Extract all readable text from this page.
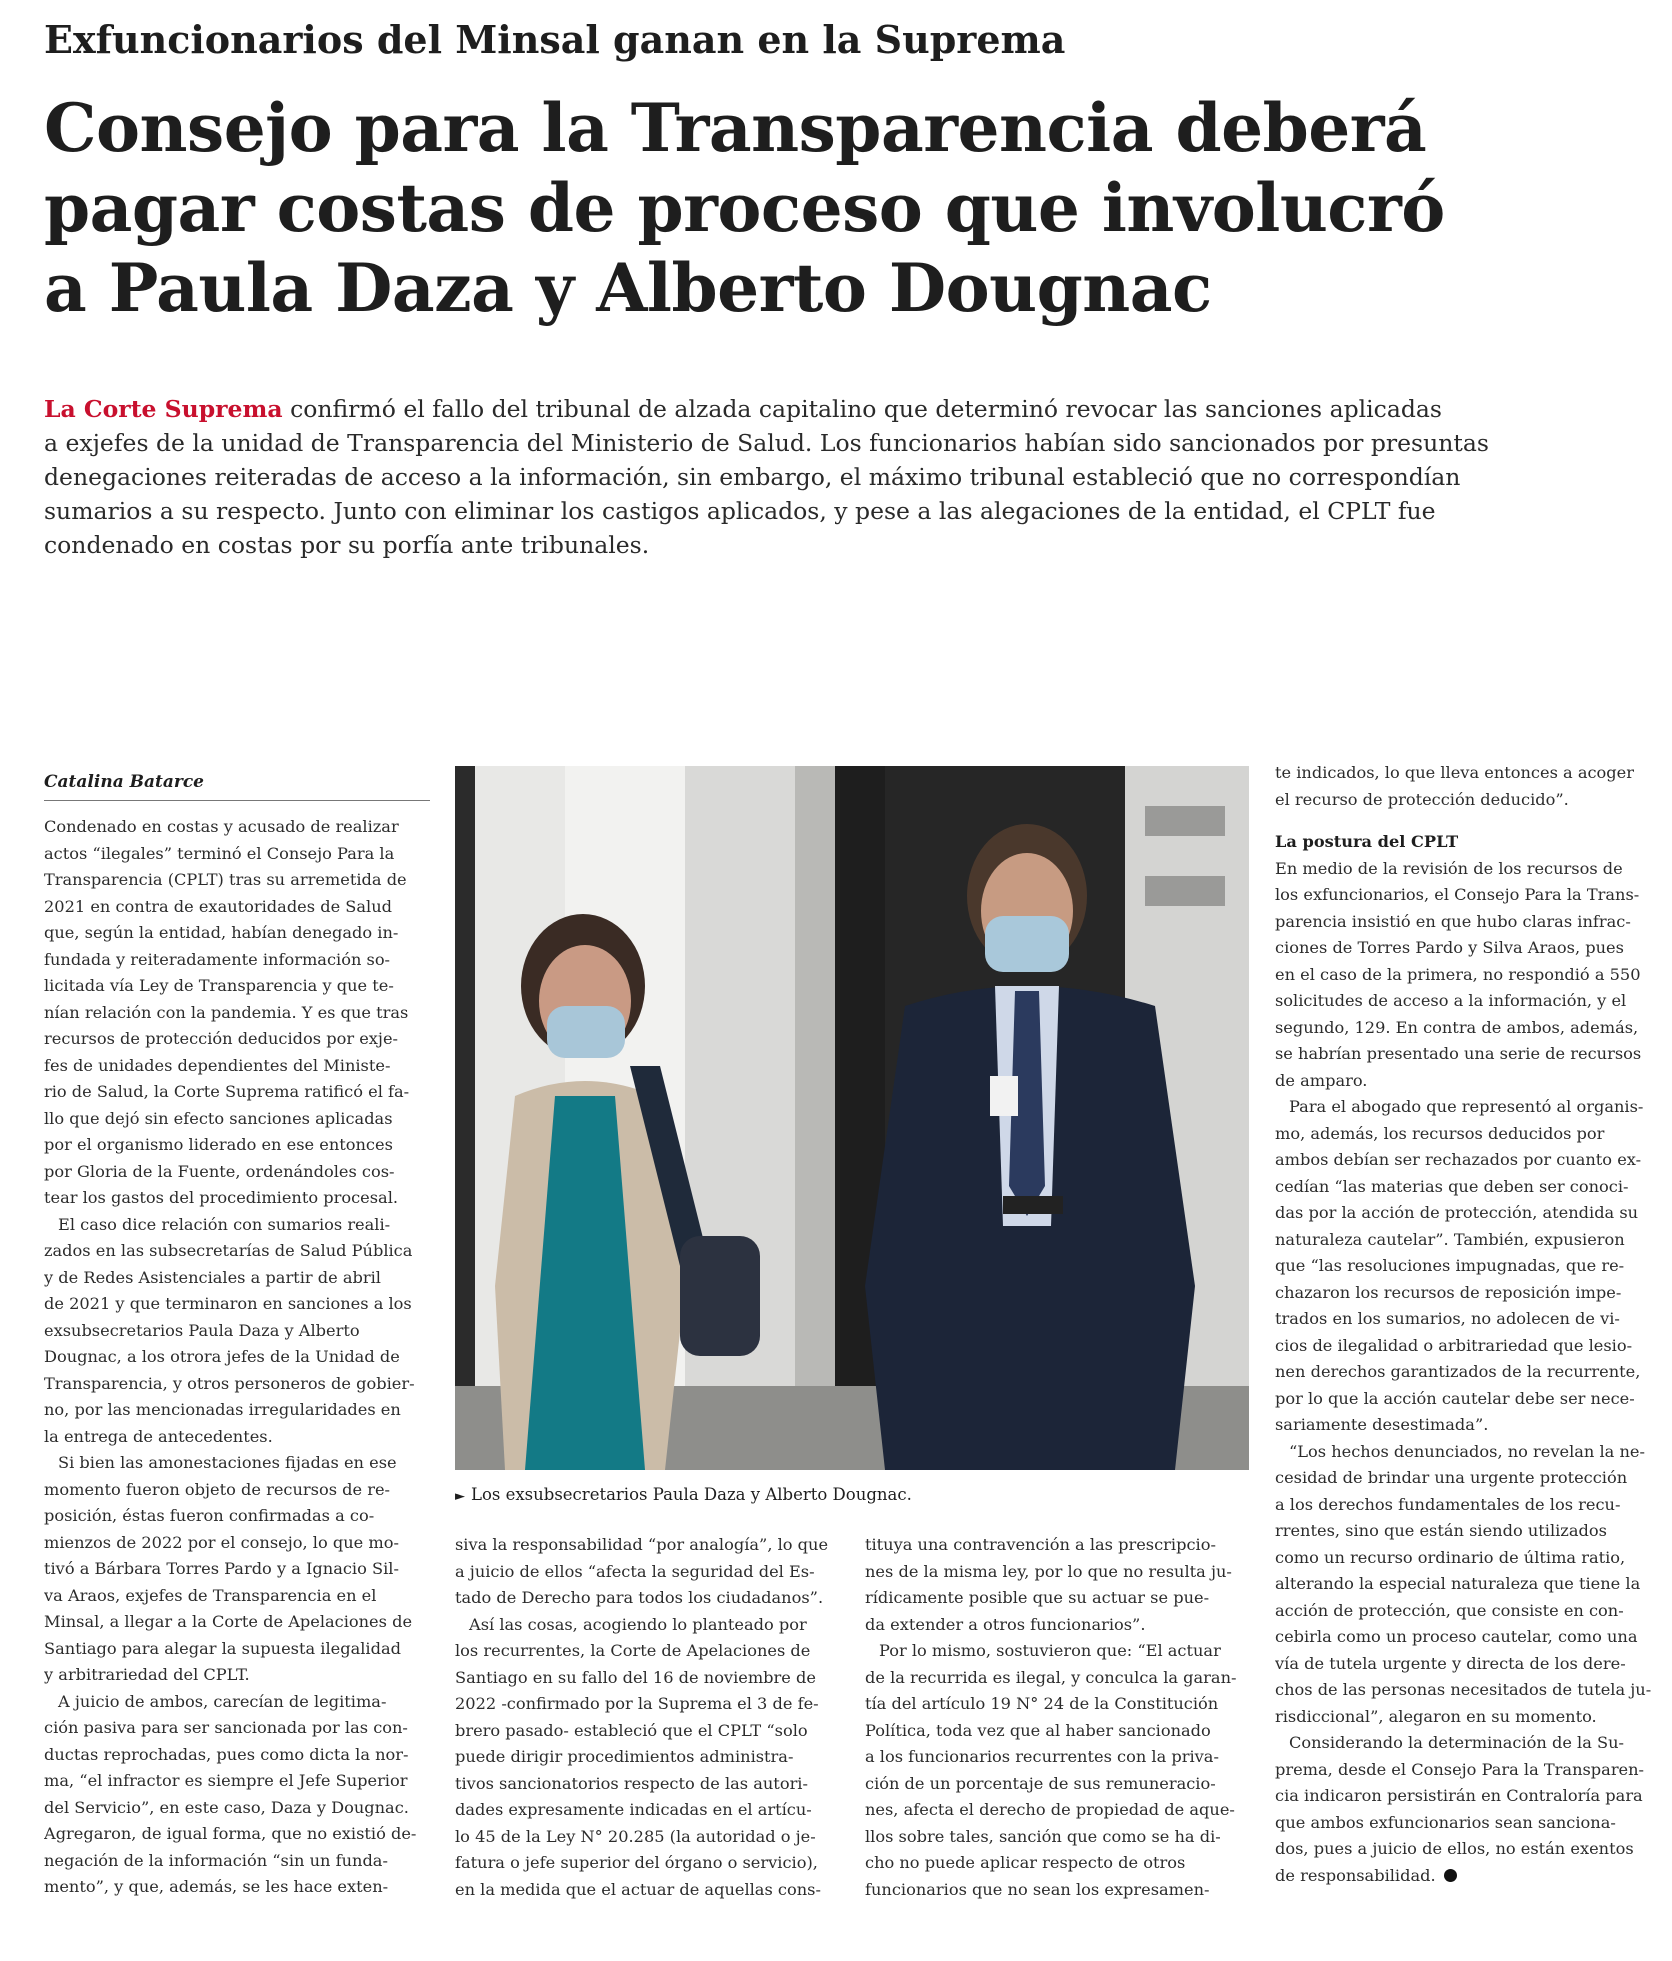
Exfuncionarios del Minsal ganan en la Suprema
Consejo para la Transparencia deberá
pagar costas de proceso que involucró
a Paula Daza y Alberto Dougnac
La Corte Suprema confirmó el fallo del tribunal de alzada capitalino que determinó revocar las sanciones aplicadas
a exjefes de la unidad de Transparencia del Ministerio de Salud. Los funcionarios habían sido sancionados por presuntas
denegaciones reiteradas de acceso a la información, sin embargo, el máximo tribunal estableció que no correspondían
sumarios a su respecto. Junto con eliminar los castigos aplicados, y pese a las alegaciones de la entidad, el CPLT fue
condenado en costas por su porfía ante tribunales.
Catalina Batarce

Condenado en costas y acusado de realizar
actos “ilegales” terminó el Consejo Para la
Transparencia (CPLT) tras su arremetida de
2021 en contra de exautoridades de Salud
que, según la entidad, habían denegado in-
fundada y reiteradamente información so-
licitada vía Ley de Transparencia y que te-
nían relación con la pandemia. Y es que tras
recursos de protección deducidos por exje-
fes de unidades dependientes del Ministe-
rio de Salud, la Corte Suprema ratificó el fa-
llo que dejó sin efecto sanciones aplicadas
por el organismo liderado en ese entonces
por Gloria de la Fuente, ordenándoles cos-
tear los gastos del procedimiento procesal.

El caso dice relación con sumarios reali-
zados en las subsecretarías de Salud Pública
y de Redes Asistenciales a partir de abril
de 2021 y que terminaron en sanciones a los
exsubsecretarios Paula Daza y Alberto
Dougnac, a los otrora jefes de la Unidad de
Transparencia, y otros personeros de gobier-
no, por las mencionadas irregularidades en
la entrega de antecedentes.

Si bien las amonestaciones fijadas en ese
momento fueron objeto de recursos de re-
posición, éstas fueron confirmadas a co-
mienzos de 2022 por el consejo, lo que mo-
tivó a Bárbara Torres Pardo y a Ignacio Sil-
va Araos, exjefes de Transparencia en el
Minsal, a llegar a la Corte de Apelaciones de
Santiago para alegar la supuesta ilegalidad
y arbitrariedad del CPLT.

A juicio de ambos, carecían de legitima-
ción pasiva para ser sancionada por las con-
ductas reprochadas, pues como dicta la nor-
ma, “el infractor es siempre el Jefe Superior
del Servicio”, en este caso, Daza y Dougnac.
Agregaron, de igual forma, que no existió de-
negación de la información “sin un funda-
mento”, y que, además, se les hace exten-

► Los exsubsecretarios Paula Daza y Alberto Dougnac.

siva la responsabilidad “por analogía”, lo que
a juicio de ellos “afecta la seguridad del Es-
tado de Derecho para todos los ciudadanos”.

Así las cosas, acogiendo lo planteado por
los recurrentes, la Corte de Apelaciones de
Santiago en su fallo del 16 de noviembre de
2022 -confirmado por la Suprema el 3 de fe-
brero pasado- estableció que el CPLT “solo
puede dirigir procedimientos administra-
tivos sancionatorios respecto de las autori-
dades expresamente indicadas en el artícu-
lo 45 de la Ley N° 20.285 (la autoridad o je-
fatura o jefe superior del órgano o servicio),
en la medida que el actuar de aquellas cons-

tituya una contravención a las prescripcio-
nes de la misma ley, por lo que no resulta ju-
rídicamente posible que su actuar se pue-
da extender a otros funcionarios”.

Por lo mismo, sostuvieron que: “El actuar
de la recurrida es ilegal, y conculca la garan-
tía del artículo 19 N° 24 de la Constitución
Política, toda vez que al haber sancionado
a los funcionarios recurrentes con la priva-
ción de un porcentaje de sus remuneracio-
nes, afecta el derecho de propiedad de aque-
llos sobre tales, sanción que como se ha di-
cho no puede aplicar respecto de otros
funcionarios que no sean los expresamen-

te indicados, lo que lleva entonces a acoger
el recurso de protección deducido”.
La postura del CPLT

En medio de la revisión de los recursos de
los exfuncionarios, el Consejo Para la Trans-
parencia insistió en que hubo claras infrac-
ciones de Torres Pardo y Silva Araos, pues
en el caso de la primera, no respondió a 550
solicitudes de acceso a la información, y el
segundo, 129. En contra de ambos, además,
se habrían presentado una serie de recursos
de amparo.

Para el abogado que representó al organis-
mo, además, los recursos deducidos por
ambos debían ser rechazados por cuanto ex-
cedían “las materias que deben ser conoci-
das por la acción de protección, atendida su
naturaleza cautelar”. También, expusieron
que “las resoluciones impugnadas, que re-
chazaron los recursos de reposición impe-
trados en los sumarios, no adolecen de vi-
cios de ilegalidad o arbitrariedad que lesio-
nen derechos garantizados de la recurrente,
por lo que la acción cautelar debe ser nece-
sariamente desestimada”.

“Los hechos denunciados, no revelan la ne-
cesidad de brindar una urgente protección
a los derechos fundamentales de los recu-
rrentes, sino que están siendo utilizados
como un recurso ordinario de última ratio,
alterando la especial naturaleza que tiene la
acción de protección, que consiste en con-
cebirla como un proceso cautelar, como una
vía de tutela urgente y directa de los dere-
chos de las personas necesitados de tutela ju-
risdiccional”, alegaron en su momento.

Considerando la determinación de la Su-
prema, desde el Consejo Para la Transparen-
cia indicaron persistirán en Contraloría para
que ambos exfuncionarios sean sanciona-
dos, pues a juicio de ellos, no están exentos
de responsabilidad.
